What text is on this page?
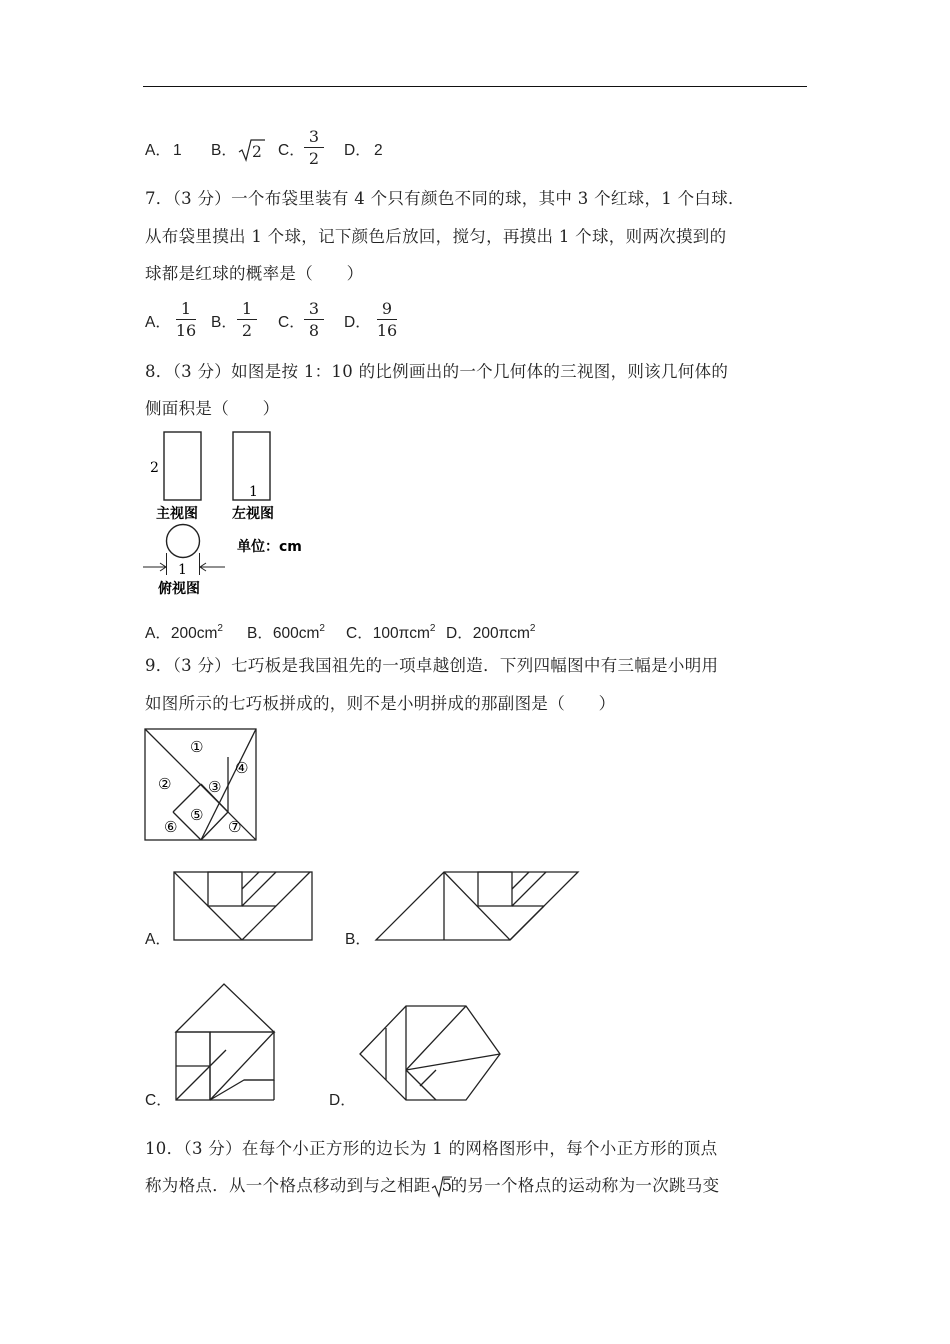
A． 1 B． 2 C．
3
2	D． 2
7．（3 分）一个布袋里装有 4 个只有颜色不同的球，其中 3 个红球，1 个白球．
从布袋里摸出 1 个球，记下颜色后放回，搅匀，再摸出 1 个球，则两次摸到的
球都是红球的概率是（　　）
A．
1
16 B．
1
2	C．
3
8	D．
9
16
8．（3 分）如图是按 1：10 的比例画出的一个几何体的三视图，则该几何体的
侧面积是（　　）
2
主视图
1
左视图
1
俯视图
单位：cm
A．$200cm^2$ B．$600cm^2$ C．100πcm$^2$ D．200πcm$^2$
9．（3 分）七巧板是我国祖先的一项卓越创造．下列四幅图中有三幅是小明用
如图所示的七巧板拼成的，则不是小明拼成的那副图是（　　）
①
② ③
④
⑤
⑥	⑦
A．	B．
C．	D．
10．（3 分）在每个小正方形的边长为 1 的网格图形中，每个小正方形的顶点
称为格点．从一个格点移动到与之相距 5
的另一个格点的运动称为一次跳马变
